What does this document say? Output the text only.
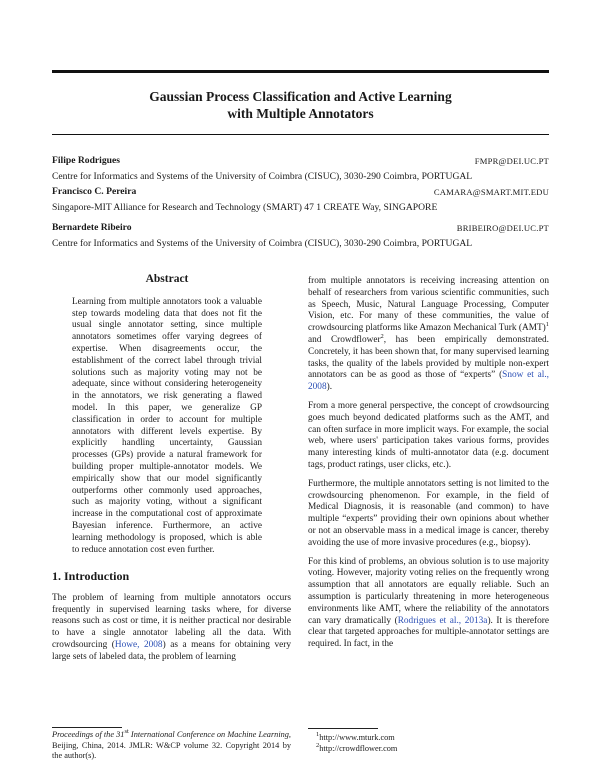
Gaussian Process Classification and Active Learning
with Multiple Annotators
Filipe Rodrigues	FMPR@DEI.UC.PT
Centre for Informatics and Systems of the University of Coimbra (CISUC), 3030-290 Coimbra, PORTUGAL
Francisco C. Pereira	CAMARA@SMART.MIT.EDU
Singapore-MIT Alliance for Research and Technology (SMART) 47 1 CREATE Way, SINGAPORE
Bernardete Ribeiro	BRIBEIRO@DEI.UC.PT
Centre for Informatics and Systems of the University of Coimbra (CISUC), 3030-290 Coimbra, PORTUGAL
Abstract
Learning from multiple annotators took a valuable step towards modeling data that does not fit the usual single annotator setting, since multiple annotators sometimes offer varying degrees of expertise. When disagreements occur, the establishment of the correct label through trivial solutions such as majority voting may not be adequate, since without considering heterogeneity in the annotators, we risk generating a flawed model. In this paper, we generalize GP classification in order to account for multiple annotators with different levels expertise. By explicitly handling uncertainty, Gaussian processes (GPs) provide a natural framework for building proper multiple-annotator models. We empirically show that our model significantly outperforms other commonly used approaches, such as majority voting, without a significant increase in the computational cost of approximate Bayesian inference. Furthermore, an active learning methodology is proposed, which is able to reduce annotation cost even further.
1. Introduction
The problem of learning from multiple annotators occurs frequently in supervised learning tasks where, for diverse reasons such as cost or time, it is neither practical nor desirable to have a single annotator labeling all the data. With crowdsourcing (Howe, 2008) as a means for obtaining very large sets of labeled data, the problem of learning

from multiple annotators is receiving increasing attention on behalf of researchers from various scientific communities, such as Speech, Music, Natural Language Processing, Computer Vision, etc. For many of these communities, the value of crowdsourcing platforms like Amazon Mechanical Turk (AMT)$^1$ and Crowdflower$^2$, has been empirically demonstrated. Concretely, it has been shown that, for many supervised learning tasks, the quality of the labels provided by multiple non-expert annotators can be as good as those of “experts” (Snow et al., 2008).

From a more general perspective, the concept of crowdsourcing goes much beyond dedicated platforms such as the AMT, and can often surface in more implicit ways. For example, the social web, where users' participation takes various forms, provides many interesting kinds of multi-annotator data (e.g. document tags, product ratings, user clicks, etc.).

Furthermore, the multiple annotators setting is not limited to the crowdsourcing phenomenon. For example, in the field of Medical Diagnosis, it is reasonable (and common) to have multiple “experts” providing their own opinions about whether or not an observable mass in a medical image is cancer, thereby avoiding the use of more invasive procedures (e.g., biopsy).

For this kind of problems, an obvious solution is to use majority voting. However, majority voting relies on the frequently wrong assumption that all annotators are equally reliable. Such an assumption is particularly threatening in more heterogeneous environments like AMT, where the reliability of the annotators can vary dramatically (Rodrigues et al., 2013a). It is therefore clear that targeted approaches for multiple-annotator settings are required. In fact, in the

Proceedings of the 31st International Conference on Machine Learning, Beijing, China, 2014. JMLR: W&CP volume 32. Copyright 2014 by the author(s).
$^1$http://www.mturk.com
$^2$http://crowdflower.com
